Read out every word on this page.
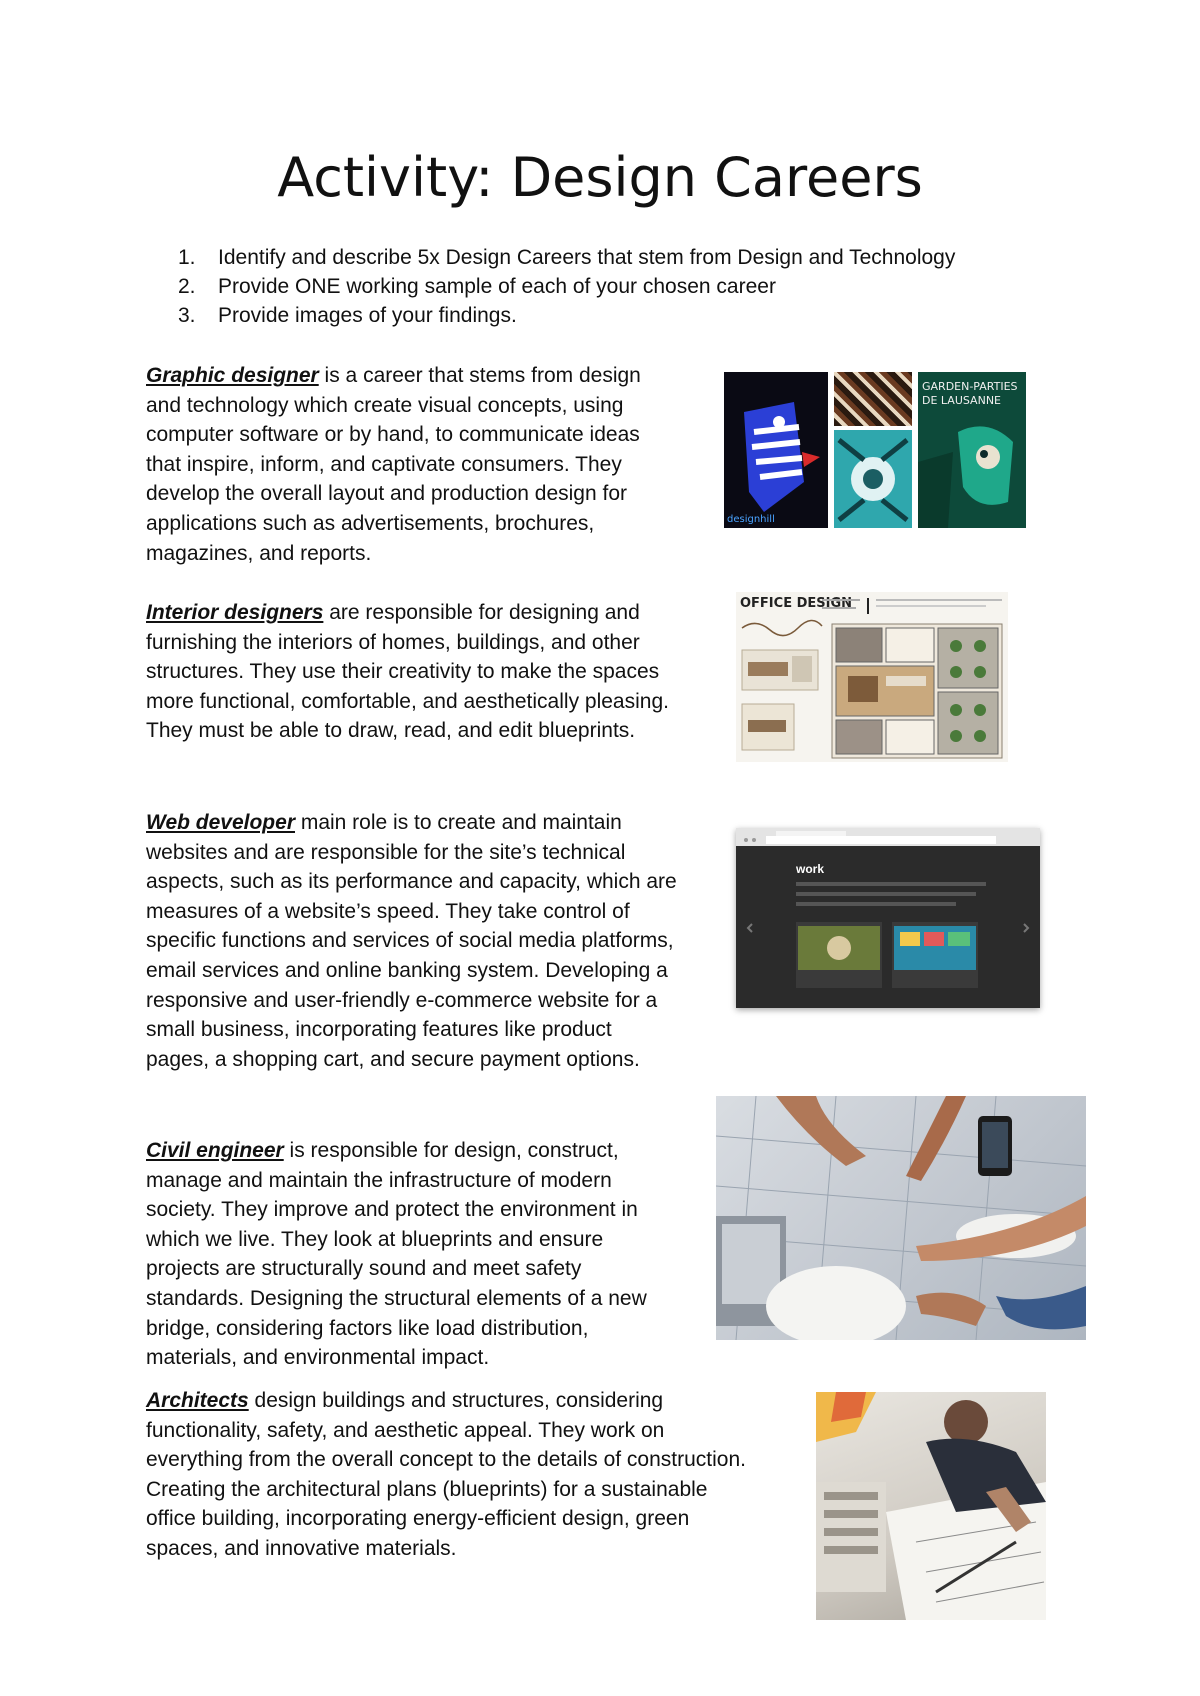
Activity: Design Careers
1. Identify and describe 5x Design Careers that stem from Design and Technology
2. Provide ONE working sample of each of your chosen career
3. Provide images of your findings.

Graphic designer is a career that stems from design
and technology which create visual concepts, using
computer software or by hand, to communicate ideas
that inspire, inform, and captivate consumers. They
develop the overall layout and production design for
applications such as advertisements, brochures,
magazines, and reports.

designhill
GARDEN-PARTIES
DE LAUSANNE

Interior designers are responsible for designing and
furnishing the interiors of homes, buildings, and other
structures. They use their creativity to make the spaces
more functional, comfortable, and aesthetically pleasing.
They must be able to draw, read, and edit blueprints.

OFFICE DESIGN

Web developer main role is to create and maintain
websites and are responsible for the site’s technical
aspects, such as its performance and capacity, which are
measures of a website’s speed. They take control of
specific functions and services of social media platforms,
email services and online banking system. Developing a
responsive and user-friendly e-commerce website for a
small business, incorporating features like product
pages, a shopping cart, and secure payment options.

work

Civil engineer is responsible for design, construct,
manage and maintain the infrastructure of modern
society. They improve and protect the environment in
which we live. They look at blueprints and ensure
projects are structurally sound and meet safety
standards. Designing the structural elements of a new
bridge, considering factors like load distribution,
materials, and environmental impact.

Architects design buildings and structures, considering
functionality, safety, and aesthetic appeal. They work on
everything from the overall concept to the details of construction.
Creating the architectural plans (blueprints) for a sustainable
office building, incorporating energy-efficient design, green
spaces, and innovative materials.
